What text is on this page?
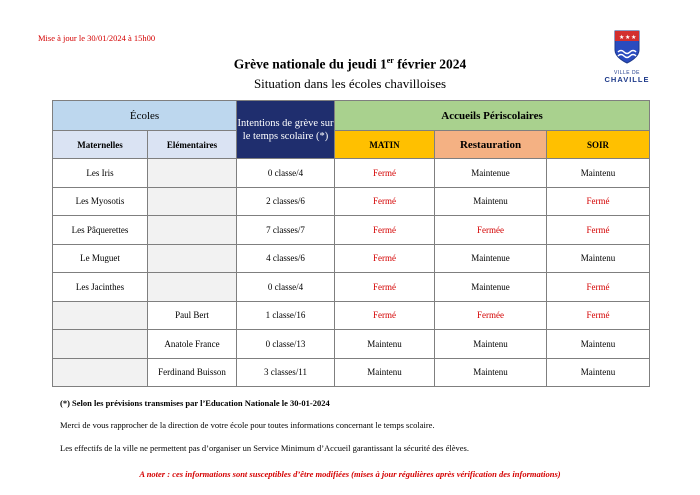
Mise à jour le 30/01/2024 à 15h00	★ ★ ★
VILLE DE
CHAVILLE
Grève nationale du jeudi 1er février 2024
Situation dans les écoles chavilloises
Écoles		Intentions de grève sur le temps scolaire (*)	Accueils Périscolaires		
Maternelles	Elémentaires		MATIN	Restauration	SOIR
Les Iris		0 classe/4	Fermé	Maintenue	Maintenu
Les Myosotis		2 classes/6	Fermé	Maintenu	Fermé
Les Pâquerettes		7 classes/7	Fermé	Fermée	Fermé
Le Muguet		4 classes/6	Fermé	Maintenue	Maintenu
Les Jacinthes		0 classe/4	Fermé	Maintenue	Fermé
	Paul Bert	1 classe/16	Fermé	Fermée	Fermé
	Anatole France	0 classe/13	Maintenu	Maintenu	Maintenu
	Ferdinand Buisson	3 classes/11	Maintenu	Maintenu	Maintenu
(*) Selon les prévisions transmises par l’Education Nationale le 30-01-2024
Merci de vous rapprocher de la direction de votre école pour toutes informations concernant le temps scolaire.
Les effectifs de la ville ne permettent pas d’organiser un Service Minimum d’Accueil garantissant la sécurité des élèves.
A noter : ces informations sont susceptibles d’être modifiées (mises à jour régulières après vérification des informations)
